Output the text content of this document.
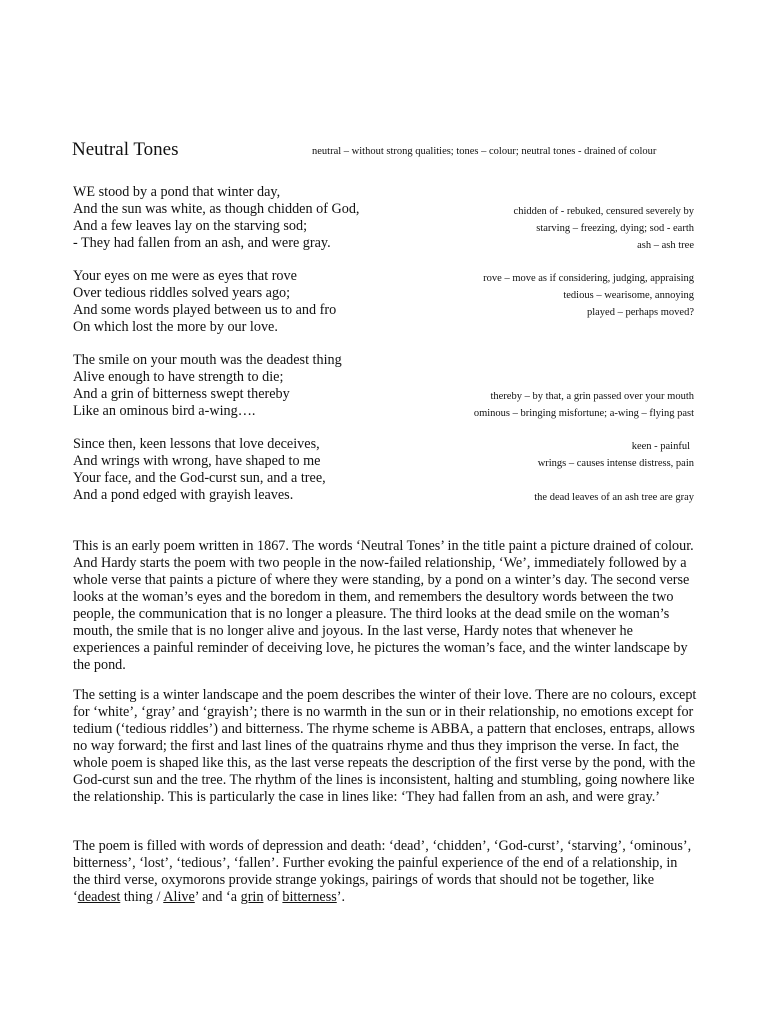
Neutral Tones	neutral – without strong qualities; tones – colour; neutral tones - drained of colour
WE stood by a pond that winter day,
And the sun was white, as though chidden of God,
And a few leaves lay on the starving sod;
- They had fallen from an ash, and were gray.
chidden of - rebuked, censured severely by
starving – freezing, dying; sod - earth
ash – ash tree
Your eyes on me were as eyes that rove
Over tedious riddles solved years ago;
And some words played between us to and fro
On which lost the more by our love.
rove – move as if considering, judging, appraising
tedious – wearisome, annoying
played – perhaps moved?
The smile on your mouth was the deadest thing
Alive enough to have strength to die;
And a grin of bitterness swept thereby
Like an ominous bird a-wing….
thereby – by that, a grin passed over your mouth
ominous – bringing misfortune; a-wing – flying past
Since then, keen lessons that love deceives,
And wrings with wrong, have shaped to me
Your face, and the God-curst sun, and a tree,
And a pond edged with grayish leaves.
keen - painful
wrings – causes intense distress, pain
the dead leaves of an ash tree are gray

This is an early poem written in 1867. The words ‘Neutral Tones’ in the title paint a picture drained of colour. And Hardy starts the poem with two people in the now-failed relationship, ‘We’, immediately followed by a whole verse that paints a picture of where they were standing, by a pond on a winter’s day. The second verse looks at the woman’s eyes and the boredom in them, and remembers the desultory words between the two people, the communication that is no longer a pleasure. The third looks at the dead smile on the woman’s mouth, the smile that is no longer alive and joyous. In the last verse, Hardy notes that whenever he experiences a painful reminder of deceiving love, he pictures the woman’s face, and the winter landscape by the pond.

The setting is a winter landscape and the poem describes the winter of their love. There are no colours, except for ‘white’, ‘gray’ and ‘grayish’; there is no warmth in the sun or in their relationship, no emotions except for tedium (‘tedious riddles’) and bitterness. The rhyme scheme is ABBA, a pattern that encloses, entraps, allows no way forward; the first and last lines of the quatrains rhyme and thus they imprison the verse. In fact, the whole poem is shaped like this, as the last verse repeats the description of the first verse by the pond, with the God-curst sun and the tree. The rhythm of the lines is inconsistent, halting and stumbling, going nowhere like the relationship. This is particularly the case in lines like: ‘They had fallen from an ash, and were gray.’

The poem is filled with words of depression and death: ‘dead’, ‘chidden’, ‘God-curst’, ‘starving’, ‘ominous’, bitterness’, ‘lost’, ‘tedious’, ‘fallen’. Further evoking the painful experience of the end of a relationship, in the third verse, oxymorons provide strange yokings, pairings of words that should not be together, like ‘deadest thing / Alive’ and ‘a grin of bitterness’.
